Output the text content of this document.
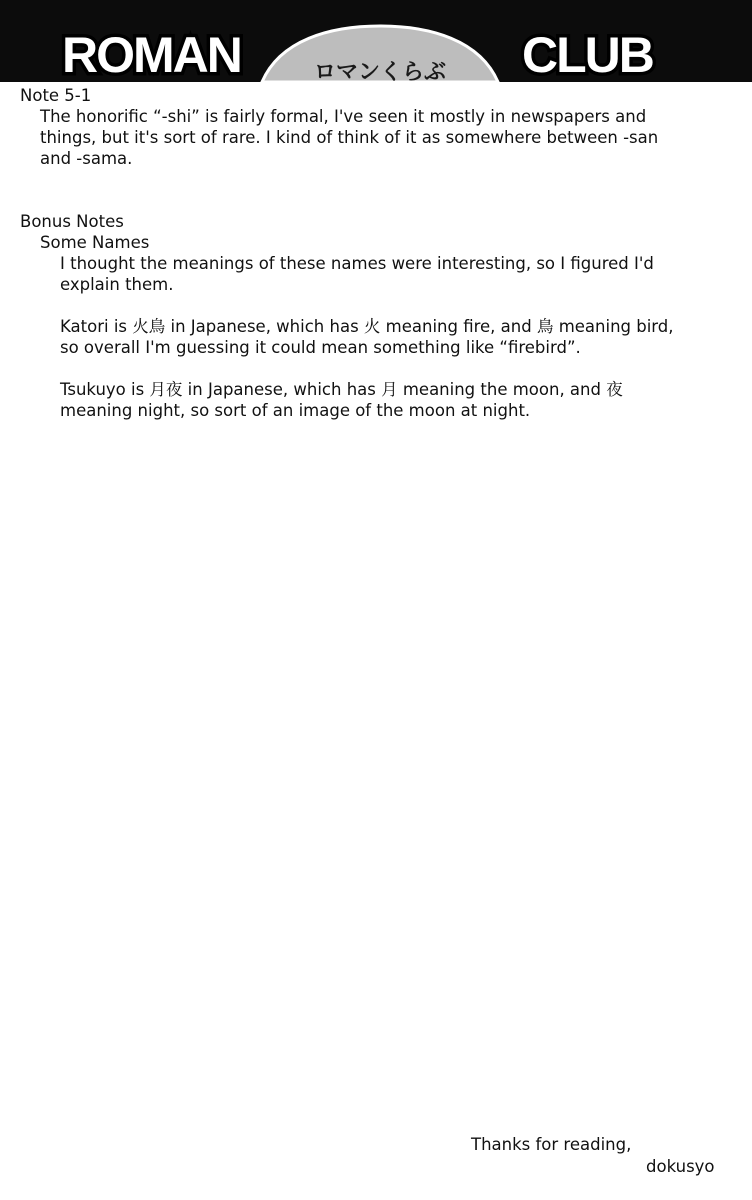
ROMAN	CLUB
ロマンくらぶ
Note 5-1
The honorific “-shi” is fairly formal, I've seen it mostly in newspapers and
things, but it's sort of rare. I kind of think of it as somewhere between -san
and -sama.
Bonus Notes
Some Names
I thought the meanings of these names were interesting, so I figured I'd
explain them.
Katori is 火鳥 in Japanese, which has 火 meaning fire, and 鳥 meaning bird,
so overall I'm guessing it could mean something like “firebird”.
Tsukuyo is 月夜 in Japanese, which has 月 meaning the moon, and 夜
meaning night, so sort of an image of the moon at night.
Thanks for reading,
dokusyo
